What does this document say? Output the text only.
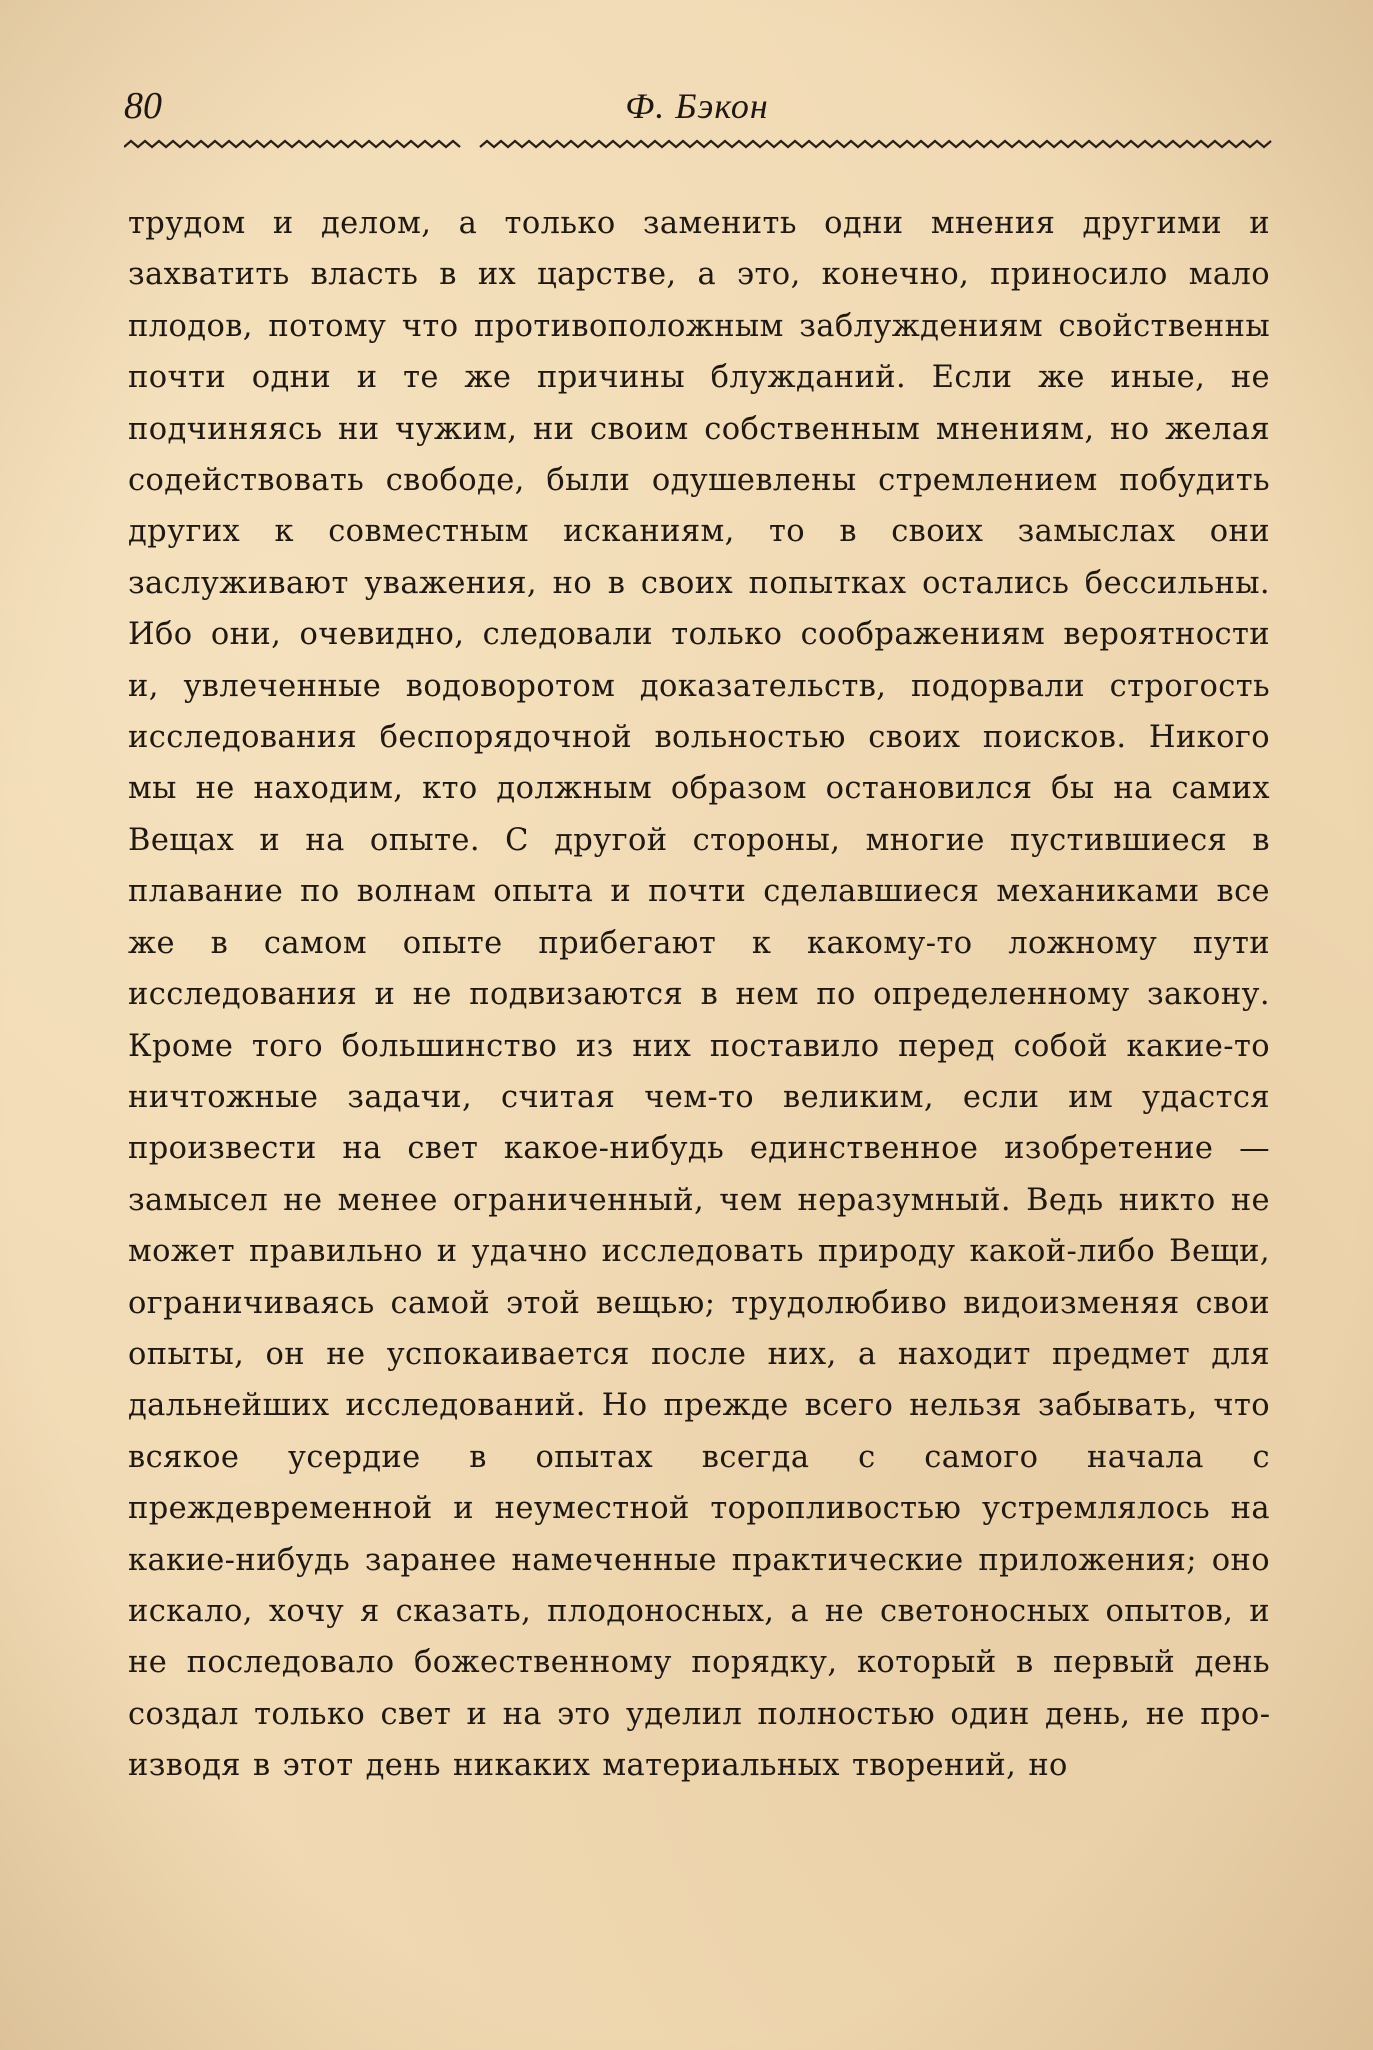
80	Ф. Бэкон

трудом и делом, а только заменить одни мнения другими и захватить власть в их царстве, а это, конечно, приносило мало плодов, потому что противоположным заблуждениям свойственны почти одни и те же причины блужданий. Если же иные, не подчиняясь ни чужим, ни своим собственным мнениям, но желая содействовать свободе, были одушевлены стремлением побудить других к совместным исканиям, то в своих замыслах они заслуживают уважения, но в своих попытках остались бессильны. Ибо они, очевидно, следовали только соображениям вероятности и, увлеченные водоворотом доказательств, подорвали строгость исследования беспорядочной вольностью своих поисков. Никого мы не находим, кто должным образом остановился бы на самих Вещах и на опыте. С другой стороны, многие пустившиеся в плавание по волнам опыта и почти сделавшиеся механиками все же в самом опыте прибегают к какому-то ложному пути исследования и не подвизаются в нем по определенному закону. Кроме того большинство из них поставило перед собой какие-то ничтожные задачи, считая чем-то великим, если им удастся произвести на свет какое-нибудь единственное изобретение — замысел не менее ограниченный, чем неразумный. Ведь никто не может правильно и удачно исследовать природу какой-либо Вещи, ограничиваясь самой этой вещью; трудолюбиво видоизменяя свои опыты, он не успокаивается после них, а находит предмет для дальнейших исследований. Но прежде всего нельзя забывать, что всякое усердие в опытах всегда с самого начала с преждевременной и неуместной торопливостью устремлялось на какие-нибудь заранее намеченные практические приложения; оно искало, хочу я сказать, плодоносных, а не светоносных опытов, и не последовало божественному порядку, который в первый день создал только свет и на это уделил полностью один день, не производя в этот день никаких материальных творений, но
